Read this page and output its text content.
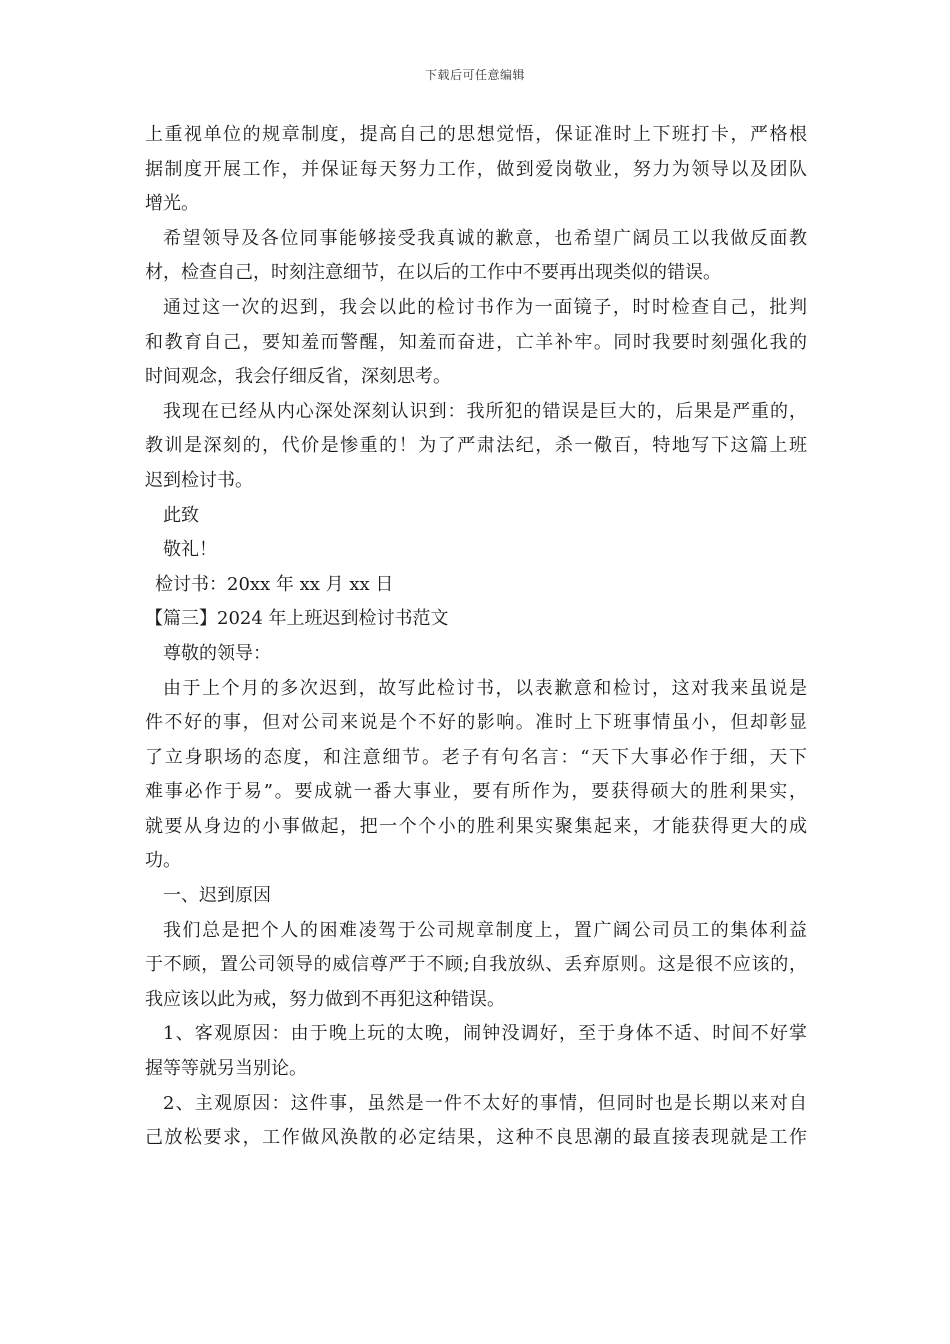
下载后可任意编辑
上重视单位的规章制度，提高自己的思想觉悟，保证准时上下班打卡，严格根
据制度开展工作，并保证每天努力工作，做到爱岗敬业，努力为领导以及团队
增光。
希望领导及各位同事能够接受我真诚的歉意，也希望广阔员工以我做反面教
材，检查自己，时刻注意细节，在以后的工作中不要再出现类似的错误。
通过这一次的迟到，我会以此的检讨书作为一面镜子，时时检查自己，批判
和教育自己，要知羞而警醒，知羞而奋进，亡羊补牢。同时我要时刻强化我的
时间观念，我会仔细反省，深刻思考。
我现在已经从内心深处深刻认识到：我所犯的错误是巨大的，后果是严重的，
教训是深刻的，代价是惨重的！为了严肃法纪，杀一儆百，特地写下这篇上班
迟到检讨书。
此致
敬礼！
检讨书：20xx 年 xx 月 xx 日
【篇三】2024 年上班迟到检讨书范文
尊敬的领导：
由于上个月的多次迟到，故写此检讨书，以表歉意和检讨，这对我来虽说是
件不好的事，但对公司来说是个不好的影响。准时上下班事情虽小，但却彰显
了立身职场的态度，和注意细节。老子有句名言：“天下大事必作于细，天下
难事必作于易”。要成就一番大事业，要有所作为，要获得硕大的胜利果实，
就要从身边的小事做起，把一个个小的胜利果实聚集起来，才能获得更大的成
功。
一、迟到原因
我们总是把个人的困难凌驾于公司规章制度上，置广阔公司员工的集体利益
于不顾，置公司领导的威信尊严于不顾;自我放纵、丢弃原则。这是很不应该的，
我应该以此为戒，努力做到不再犯这种错误。
1、客观原因：由于晚上玩的太晚，闹钟没调好，至于身体不适、时间不好掌
握等等就另当别论。
2、主观原因：这件事，虽然是一件不太好的事情，但同时也是长期以来对自
己放松要求，工作做风涣散的必定结果，这种不良思潮的最直接表现就是工作
